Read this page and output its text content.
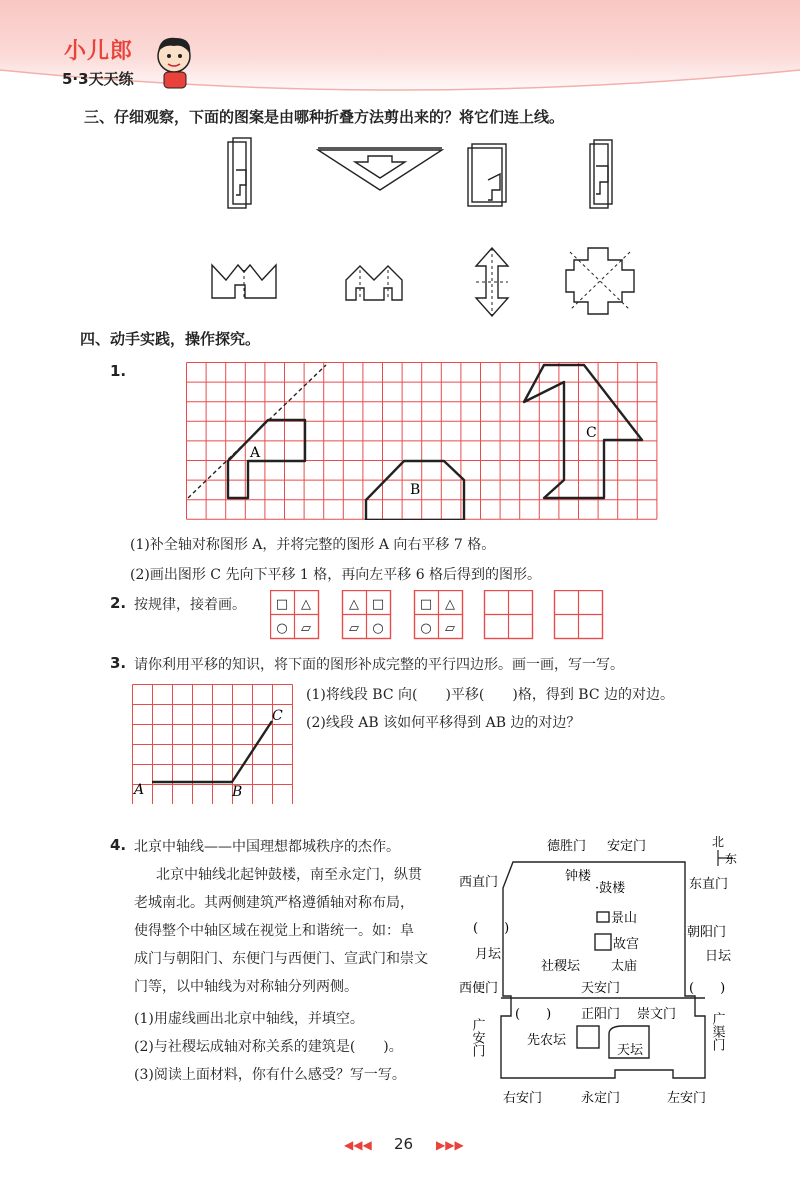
小儿郎
5·3天天练
三、仔细观察，下面的图案是由哪种折叠方法剪出来的？将它们连上线。
四、动手实践，操作探究。
1.
A
B
C
(1)补全轴对称图形 A，并将完整的图形 A 向右平移 7 格。
(2)画出图形 C 先向下平移 1 格，再向左平移 6 格后得到的图形。
2. 按规律，接着画。 □ △
○ ▱
△ □
▱ ○
□ △
○ ▱
3. 请你利用平移的知识，将下面的图形补成完整的平行四边形。画一画，写一写。
A	B
C
(1)将线段 BC 向(　　)平移(　　)格，得到 BC 边的对边。
(2)线段 AB 该如何平移得到 AB 边的对边？
4. 北京中轴线——中国理想都城秩序的杰作。
北京中轴线北起钟鼓楼，南至永定门，纵贯
老城南北。其两侧建筑严格遵循轴对称布局，
使得整个中轴区域在视觉上和谐统一。如：阜
成门与朝阳门、东便门与西便门、宣武门和崇文
门等，以中轴线为对称轴分列两侧。
(1)用虚线画出北京中轴线，并填空。
(2)与社稷坛成轴对称关系的建筑是(　　)。
(3)阅读上面材料，你有什么感受？写一写。
德胜门 安定门	北
东
西直门	东直门
钟楼
·鼓楼
景山
故宫
朝阳门
(　　)
月坛	日坛
社稷坛 太庙
西便门	天安门	(　　)
广安门
(　　) 正阳门 崇文门	广渠门
天坛
先农坛
右安门	永定门	左安门
◀◀◀ 26 ▶▶▶
